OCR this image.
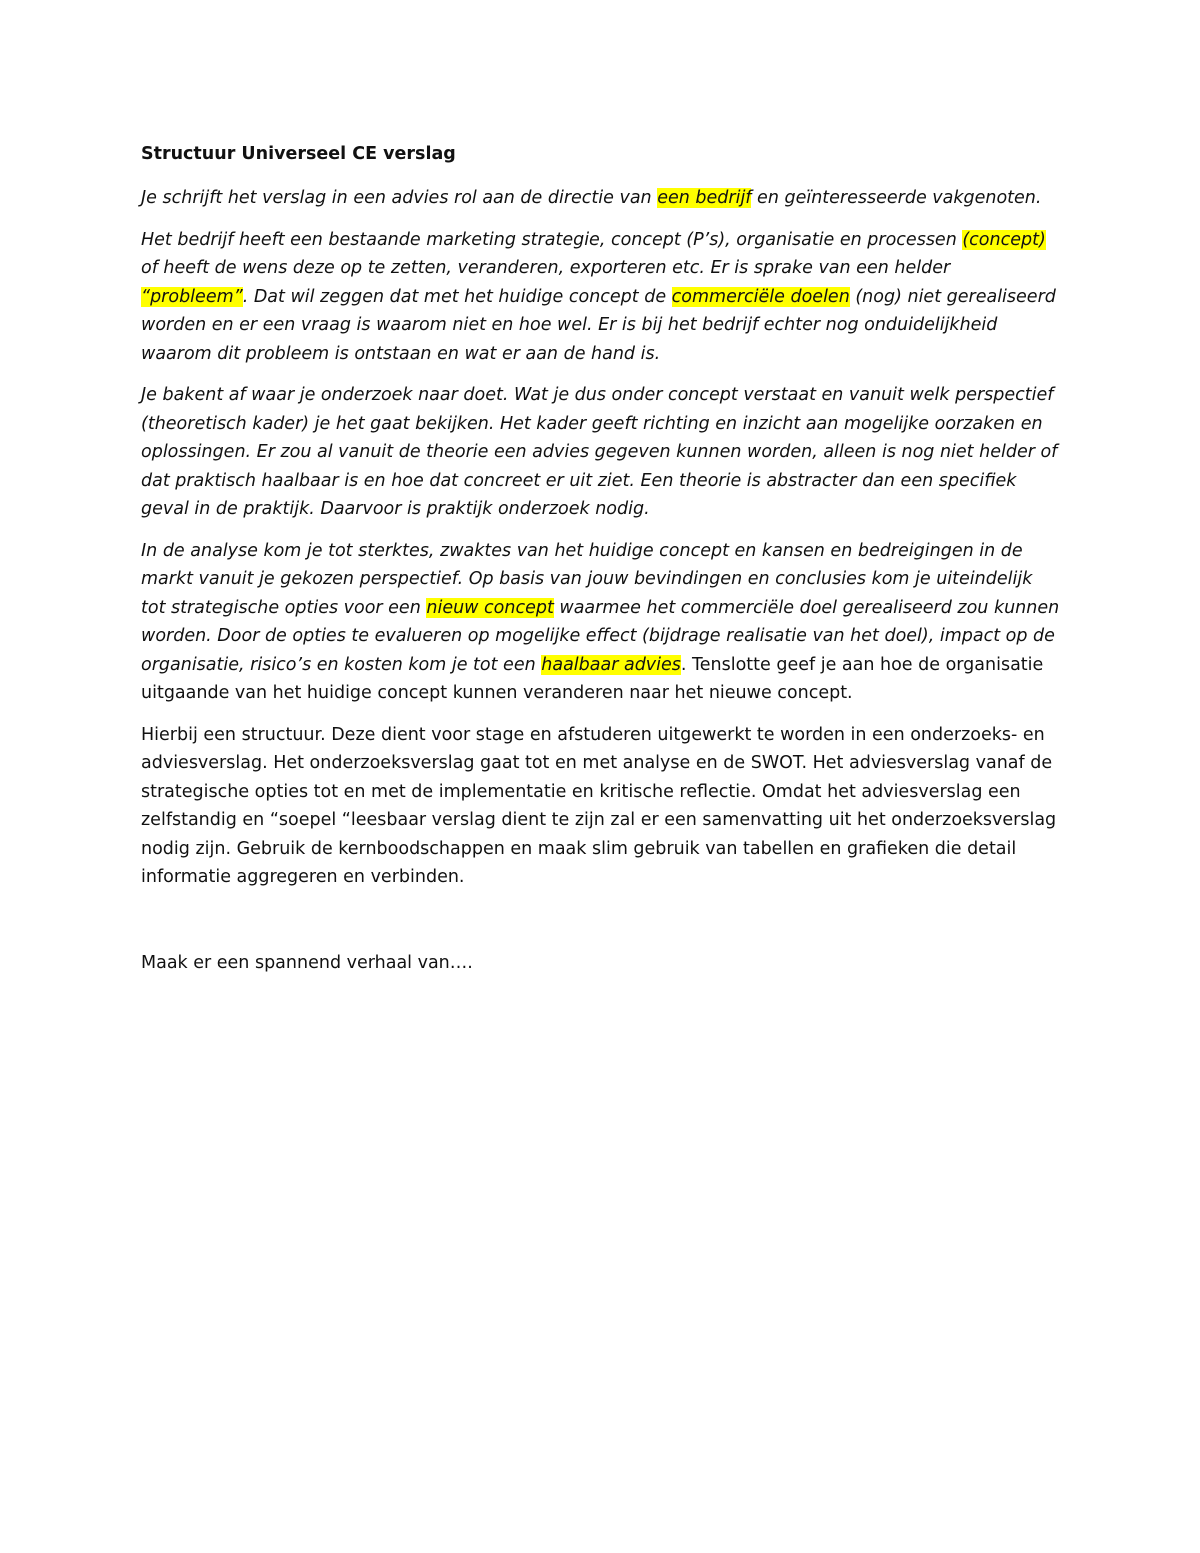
Structuur Universeel CE verslag

Je schrijft het verslag in een advies rol aan de directie van een bedrijf en geïnteresseerde vakgenoten.

Het bedrijf heeft een bestaande marketing strategie, concept (P’s), organisatie en processen (concept) of heeft de wens deze op te zetten, veranderen, exporteren etc. Er is sprake van een helder “probleem”. Dat wil zeggen dat met het huidige concept de commerciële doelen (nog) niet gerealiseerd worden en er een vraag is waarom niet en hoe wel. Er is bij het bedrijf echter nog onduidelijkheid waarom dit probleem is ontstaan en wat er aan de hand is.

Je bakent af waar je onderzoek naar doet. Wat je dus onder concept verstaat en vanuit welk perspectief (theoretisch kader) je het gaat bekijken. Het kader geeft richting en inzicht aan mogelijke oorzaken en oplossingen. Er zou al vanuit de theorie een advies gegeven kunnen worden, alleen is nog niet helder of dat praktisch haalbaar is en hoe dat concreet er uit ziet. Een theorie is abstracter dan een specifiek geval in de praktijk. Daarvoor is praktijk onderzoek nodig.

In de analyse kom je tot sterktes, zwaktes van het huidige concept en kansen en bedreigingen in de markt vanuit je gekozen perspectief. Op basis van jouw bevindingen en conclusies kom je uiteindelijk tot strategische opties voor een nieuw concept waarmee het commerciële doel gerealiseerd zou kunnen worden. Door de opties te evalueren op mogelijke effect (bijdrage realisatie van het doel), impact op de organisatie, risico’s en kosten kom je tot een haalbaar advies. Tenslotte geef je aan hoe de organisatie uitgaande van het huidige concept kunnen veranderen naar het nieuwe concept.

Hierbij een structuur. Deze dient voor stage en afstuderen uitgewerkt te worden in een onderzoeks- en adviesverslag. Het onderzoeksverslag gaat tot en met analyse en de SWOT. Het adviesverslag vanaf de strategische opties tot en met de implementatie en kritische reflectie. Omdat het adviesverslag een zelfstandig en “soepel “leesbaar verslag dient te zijn zal er een samenvatting uit het onderzoeksverslag nodig zijn. Gebruik de kernboodschappen en maak slim gebruik van tabellen en grafieken die detail informatie aggregeren en verbinden.

Maak er een spannend verhaal van….
